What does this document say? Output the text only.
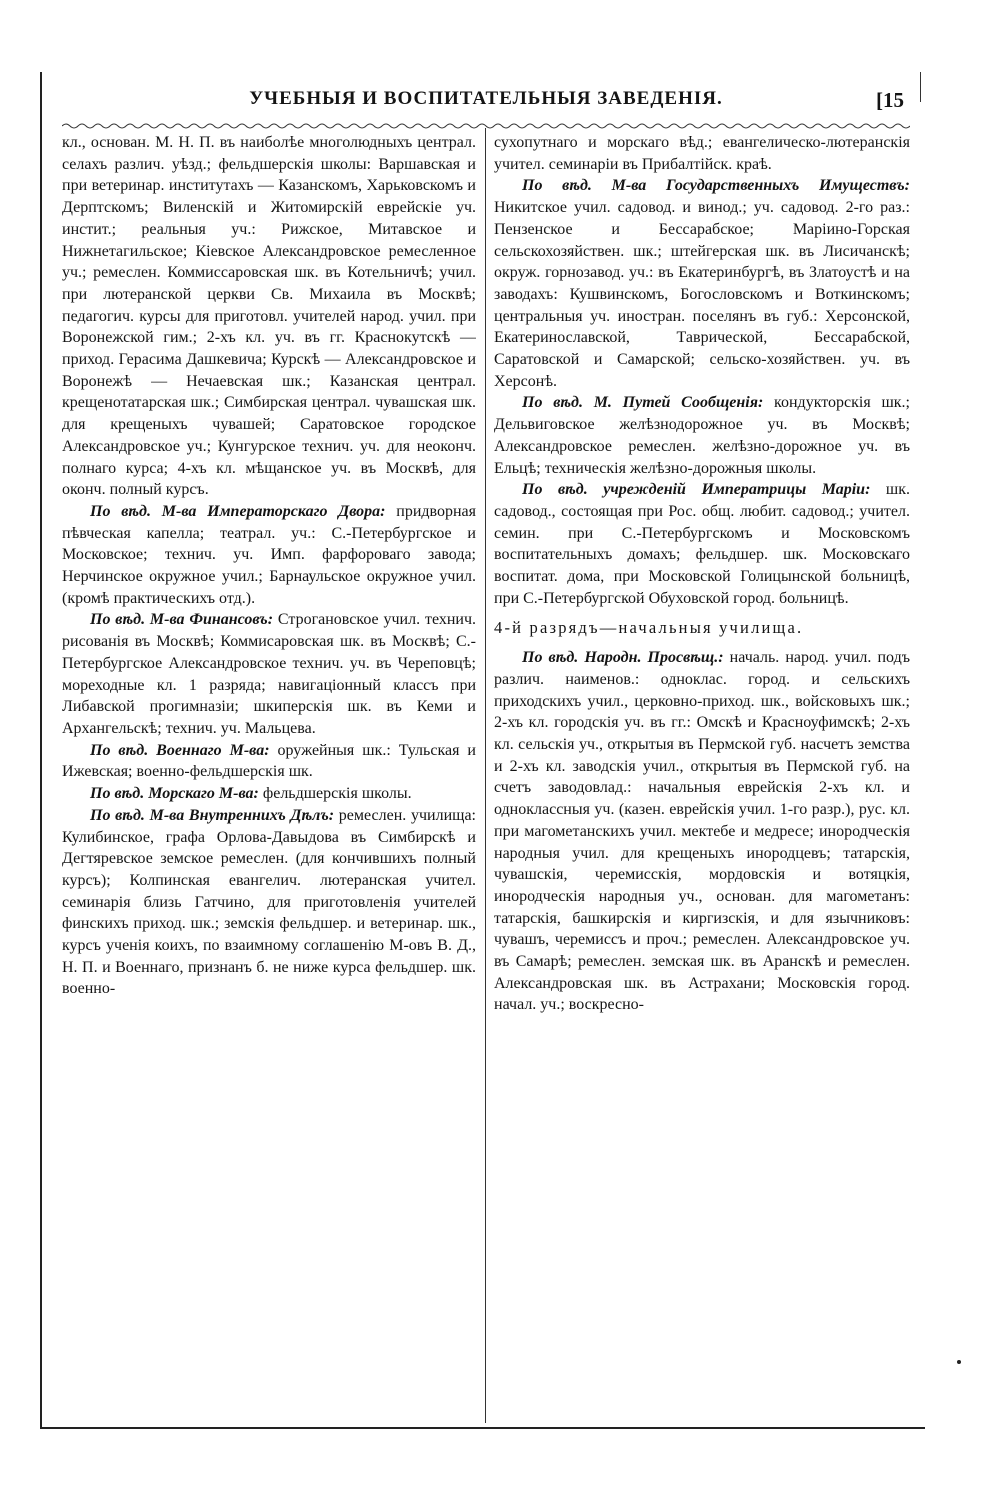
УЧЕБНЫЯ И ВОСПИТАТЕЛЬНЫЯ ЗАВЕДЕНІЯ.	[15

кл., основан. М. Н. П. въ наиболѣе многолюдныхъ централ. селахъ различ. уѣзд.; фельдшерскія школы: Варшавская и при ветеринар. институтахъ — Казанскомъ, Харьковскомъ и Дерптскомъ; Виленскій и Житомирскій еврейскіе уч. инстит.; реальныя уч.: Рижское, Митавское и Нижнетагильское; Кіевское Александровское ремесленное уч.; ремеслен. Коммиссаровская шк. въ Котельничѣ; учил. при лютеранской церкви Св. Михаила въ Москвѣ; педагогич. курсы для приготовл. учителей народ. учил. при Воронежской гим.; 2-хъ кл. уч. въ гг. Краснокутскѣ — приход. Герасима Дашкевича; Курскѣ — Александровское и Воронежѣ — Нечаевская шк.; Казанская централ. крещенотатарская шк.; Симбирская централ. чувашская шк. для крещеныхъ чувашей; Саратовское городское Александровское уч.; Кунгурское технич. уч. для неоконч. полнаго курса; 4-хъ кл. мѣщанское уч. въ Москвѣ, для оконч. полный курсъ.

По вѣд. М-ва Императорскаго Двора: придворная пѣвческая капелла; театрал. уч.: С.-Петербургское и Московское; технич. уч. Имп. фарфороваго завода; Нерчинское окружное учил.; Барнаульское окружное учил. (кромѣ практическихъ отд.).

По вѣд. М-ва Финансовъ: Строгановское учил. технич. рисованія въ Москвѣ; Коммисаровская шк. въ Москвѣ; С.-Петербургское Александровское технич. уч. въ Череповцѣ; мореходные кл. 1 разряда; навигаціонный классъ при Либавской прогимназіи; шкиперскія шк. въ Кеми и Архангельскѣ; технич. уч. Мальцева.

По вѣд. Военнаго М-ва: оружейныя шк.: Тульская и Ижевская; военно-фельдшерскія шк.

По вѣд. Морскаго М-ва: фельдшерскія школы.

По вѣд. М-ва Внутреннихъ Дѣлъ: ремеслен. училища: Кулибинское, графа Орлова-Давыдова въ Симбирскѣ и Дегтяревское земское ремеслен. (для кончившихъ полный курсъ); Колпинская евангелич. лютеранская учител. семинарія близь Гатчино, для приготовленія учителей финскихъ приход. шк.; земскія фельдшер. и ветеринар. шк., курсъ ученія коихъ, по взаимному соглашенію М-овъ В. Д., Н. П. и Военнаго, признанъ б. не ниже курса фельдшер. шк. военно-

сухопутнаго и морскаго вѣд.; евангелическо-лютеранскія учител. семинаріи въ Прибалтійск. краѣ.

По вѣд. М-ва Государственныхъ Имуществъ: Никитское учил. садовод. и винод.; уч. садовод. 2-го раз.: Пензенское и Бессарабское; Маріино-Горская сельскохозяйствен. шк.; штейгерская шк. въ Лисичанскѣ; окруж. горнозавод. уч.: въ Екатеринбургѣ, въ Златоустѣ и на заводахъ: Кушвинскомъ, Богословскомъ и Воткинскомъ; центральныя уч. иностран. поселянъ въ губ.: Херсонской, Екатеринославской, Таврической, Бессарабской, Саратовской и Самарской; сельско-хозяйствен. уч. въ Херсонѣ.

По вѣд. М. Путей Сообщенія: кондукторскія шк.; Дельвиговское желѣзнодорожное уч. въ Москвѣ; Александровское ремеслен. желѣзно-дорожное уч. въ Ельцѣ; техническія желѣзно-дорожныя школы.

По вѣд. учрежденій Императрицы Маріи: шк. садовод., состоящая при Рос. общ. любит. садовод.; учител. семин. при С.-Петербургскомъ и Московскомъ воспитательныхъ домахъ; фельдшер. шк. Московскаго воспитат. дома, при Московской Голицынской больницѣ, при С.-Петербургской Обуховской город. больницѣ.

4-й разрядъ—начальныя училища.

По вѣд. Народн. Просвѣщ.: началь. народ. учил. подъ различ. наименов.: одноклас. город. и сельскихъ приходскихъ учил., церковно-приход. шк., войсковыхъ шк.; 2-хъ кл. городскія уч. въ гг.: Омскѣ и Красноуфимскѣ; 2-хъ кл. сельскія уч., открытыя въ Пермской губ. насчетъ земства и 2-хъ кл. заводскія учил., открытыя въ Пермской губ. на счетъ заводовлад.: начальныя еврейскія 2-хъ кл. и одноклассныя уч. (казен. еврейскія учил. 1-го разр.), рус. кл. при магометанскихъ учил. мектебе и медресе; инородческія народныя учил. для крещеныхъ инородцевъ; татарскія, чувашскія, черемисскія, мордовскія и вотяцкія, инородческія народныя уч., основан. для магометанъ: татарскія, башкирскія и киргизскія, и для язычниковъ: чувашъ, черемиссъ и проч.; ремеслен. Александровское уч. въ Самарѣ; ремеслен. земская шк. въ Аранскѣ и ремеслен. Александровская шк. въ Астрахани; Московскія город. начал. уч.; воскресно-
